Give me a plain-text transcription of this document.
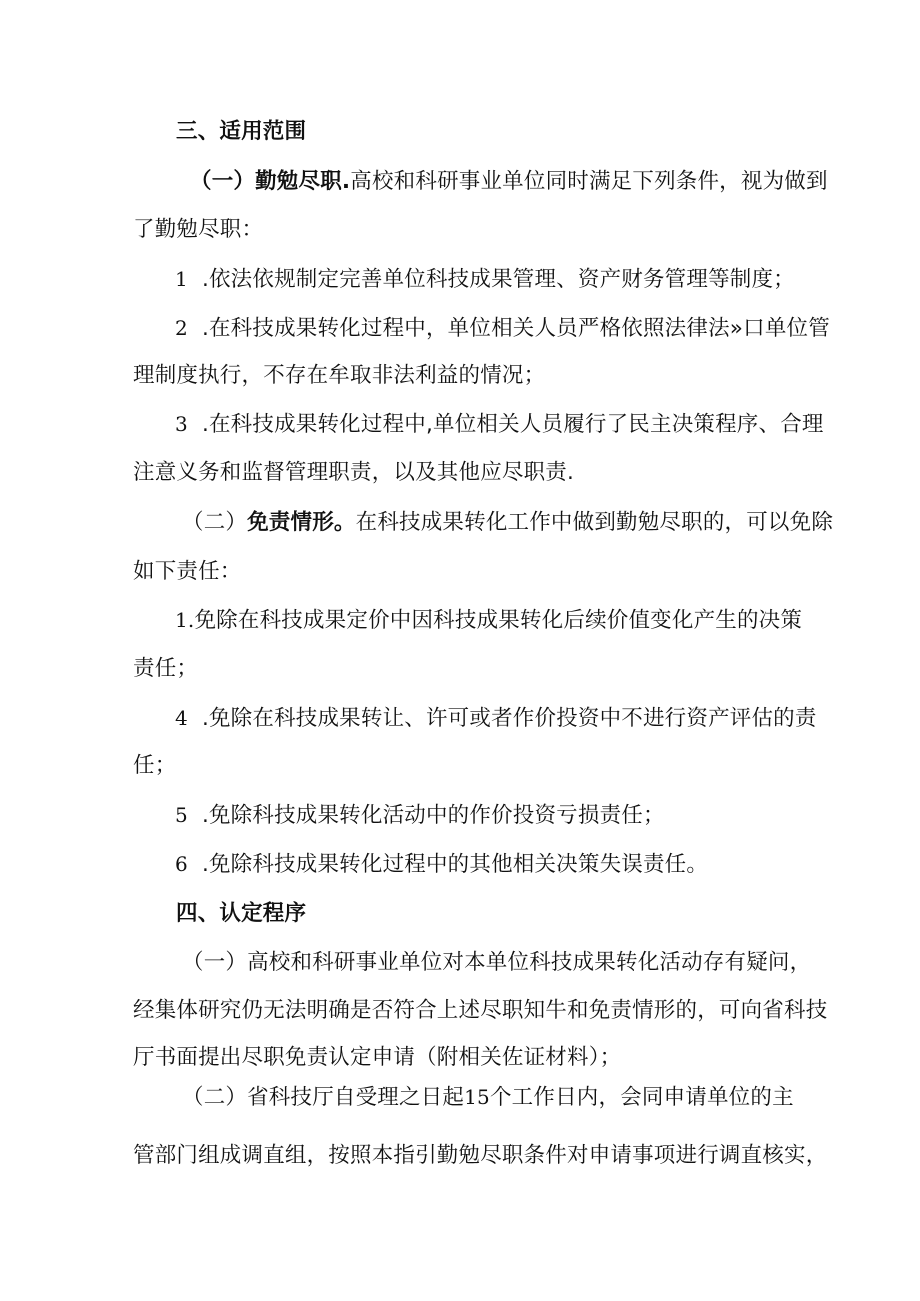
三、适用范围
（一）勤勉尽职.高校和科研事业单位同时满足下列条件，视为做到
了勤勉尽职：
1 .依法依规制定完善单位科技成果管理、资产财务管理等制度；
2 .在科技成果转化过程中，单位相关人员严格依照法律法»口单位管
理制度执行，不存在牟取非法利益的情况；
3 .在科技成果转化过程中,单位相关人员履行了民主决策程序、合理
注意义务和监督管理职责，以及其他应尽职责.
（二）免责情形。在科技成果转化工作中做到勤勉尽职的，可以免除
如下责任：
1.免除在科技成果定价中因科技成果转化后续价值变化产生的决策
责任；
4 .免除在科技成果转让、许可或者作价投资中不进行资产评估的责
任；
5 .免除科技成果转化活动中的作价投资亏损责任；
6 .免除科技成果转化过程中的其他相关决策失误责任。
四、认定程序
（一）高校和科研事业单位对本单位科技成果转化活动存有疑问，
经集体研究仍无法明确是否符合上述尽职知牛和免责情形的，可向省科技
厅书面提出尽职免责认定申请（附相关佐证材料）；
（二）省科技厅自受理之日起15个工作日内，会同申请单位的主
管部门组成调直组，按照本指引勤勉尽职条件对申请事项进行调直核实，
